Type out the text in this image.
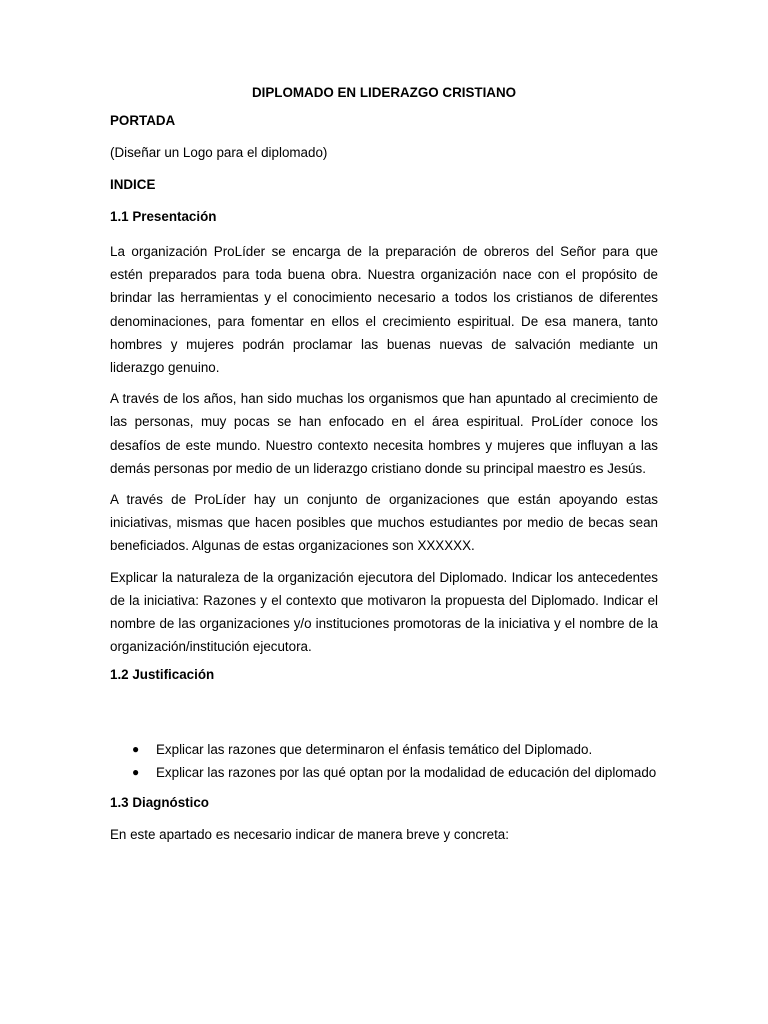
DIPLOMADO EN LIDERAZGO CRISTIANO
PORTADA
(Diseñar un Logo para el diplomado)
INDICE
1.1 Presentación

La organización ProLíder se encarga de la preparación de obreros del Señor para que estén preparados para toda buena obra. Nuestra organización nace con el propósito de brindar las herramientas y el conocimiento necesario a todos los cristianos de diferentes denominaciones, para fomentar en ellos el crecimiento espiritual. De esa manera, tanto hombres y mujeres podrán proclamar las buenas nuevas de salvación mediante un liderazgo genuino.

A través de los años, han sido muchas los organismos que han apuntado al crecimiento de las personas, muy pocas se han enfocado en el área espiritual. ProLíder conoce los desafíos de este mundo. Nuestro contexto necesita hombres y mujeres que influyan a las demás personas por medio de un liderazgo cristiano donde su principal maestro es Jesús.

A través de ProLíder hay un conjunto de organizaciones que están apoyando estas iniciativas, mismas que hacen posibles que muchos estudiantes por medio de becas sean beneficiados. Algunas de estas organizaciones son XXXXXX.

Explicar la naturaleza de la organización ejecutora del Diplomado. Indicar los antecedentes de la iniciativa: Razones y el contexto que motivaron la propuesta del Diplomado. Indicar el nombre de las organizaciones y/o instituciones promotoras de la iniciativa y el nombre de la organización/institución ejecutora.

1.2 Justificación
● Explicar las razones que determinaron el énfasis temático del Diplomado.
● Explicar las razones por las qué optan por la modalidad de educación del diplomado
1.3 Diagnóstico
En este apartado es necesario indicar de manera breve y concreta:
